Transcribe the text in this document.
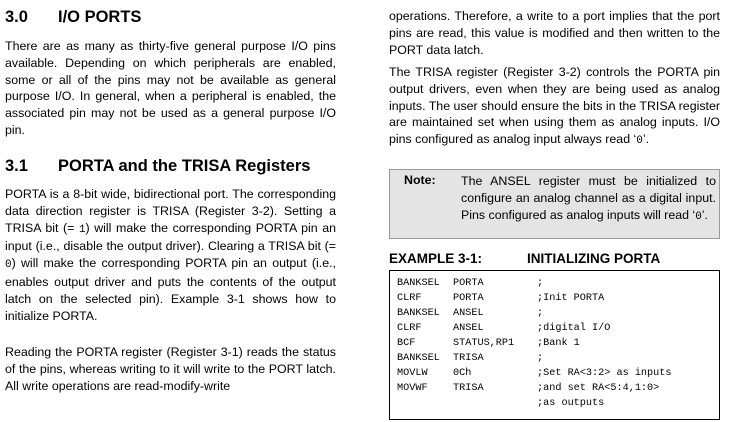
3.0 I/O PORTS

There are as many as thirty-five general purpose I/O pins available. Depending on which peripherals are enabled, some or all of the pins may not be available as general purpose I/O. In general, when a peripheral is enabled, the associated pin may not be used as a general purpose I/O pin.

3.1 PORTA and the TRISA Registers

PORTA is a 8-bit wide, bidirectional port. The corresponding data direction register is TRISA (Register 3-2). Setting a TRISA bit (= 1) will make the corresponding PORTA pin an input (i.e., disable the output driver). Clearing a TRISA bit (= 0) will make the corresponding PORTA pin an output (i.e., enables output driver and puts the contents of the output latch on the selected pin). Example 3-1 shows how to initialize PORTA.

Reading the PORTA register (Register 3-1) reads the status of the pins, whereas writing to it will write to the PORT latch. All write operations are read-modify-write

operations. Therefore, a write to a port implies that the port pins are read, this value is modified and then written to the PORT data latch.

The TRISA register (Register 3-2) controls the PORTA pin output drivers, even when they are being used as analog inputs. The user should ensure the bits in the TRISA register are maintained set when using them as analog inputs. I/O pins configured as analog input always read ‘0’.

Note: The ANSEL register must be initialized to configure an analog channel as a digital input. Pins configured as analog inputs will read ‘0’.
EXAMPLE 3-1:	INITIALIZING PORTA
BANKSEL PORTA	;
CLRF	PORTA	;Init PORTA
BANKSEL ANSEL	;
CLRF	ANSEL	;digital I/O
BCF	STATUS,RP1 ;Bank 1
BANKSEL TRISA	;
MOVLW 0Ch	;Set RA<3:2> as inputs
MOVWF TRISA	;and set RA<5:4,1:0>
;as outputs
